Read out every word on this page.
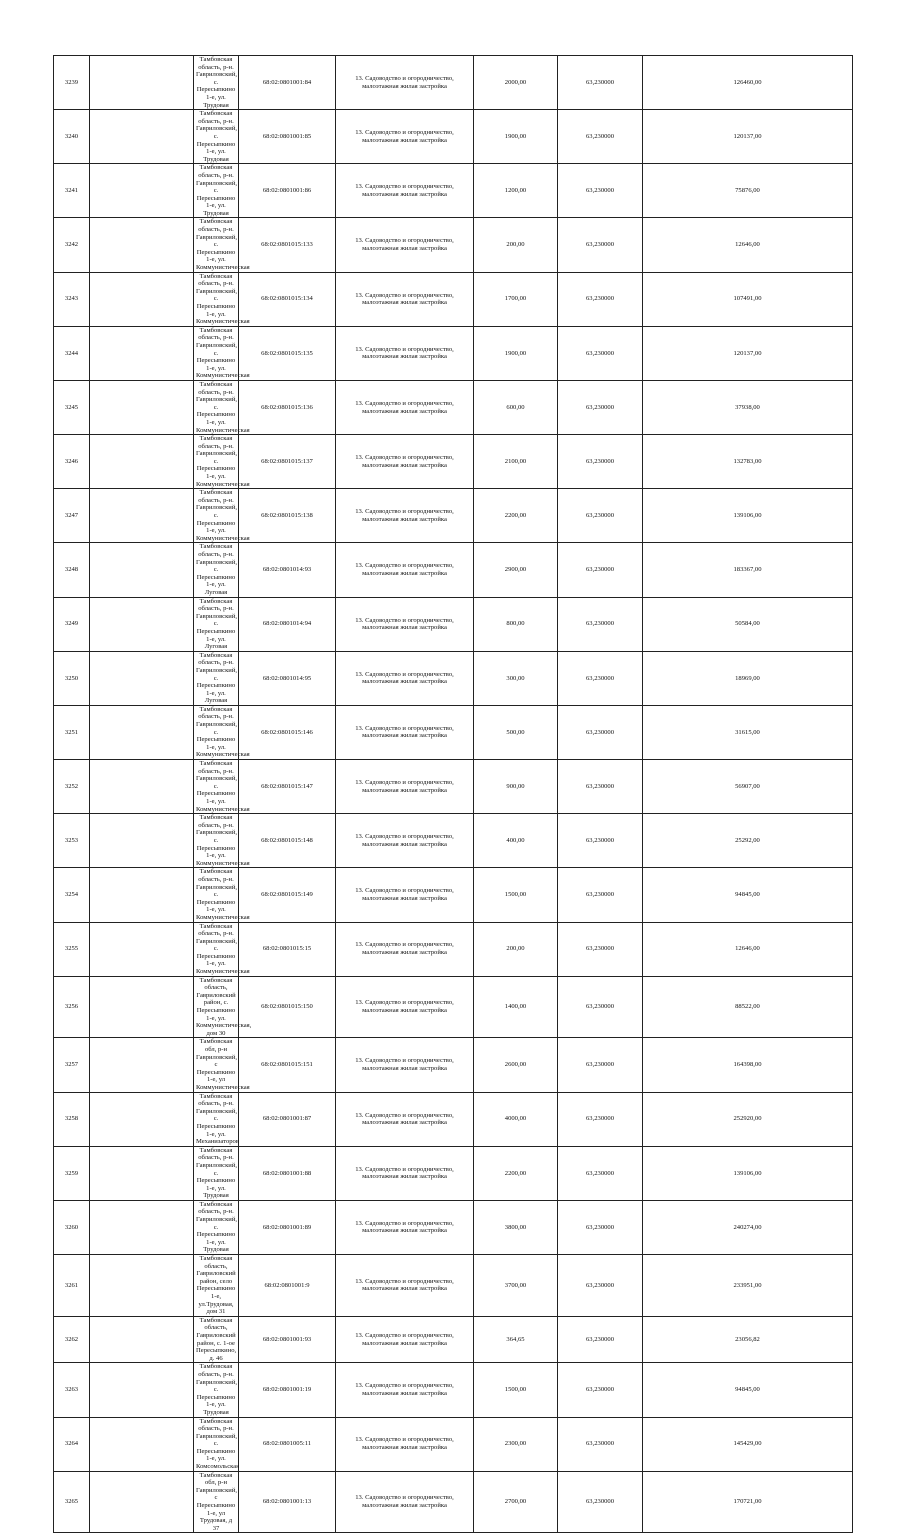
3239		Тамбовская область, р-н. Гавриловский, с. Пересыпкино 1-е, ул. Трудовая	68:02:0801001:84	13. Садоводство и огородничество, малоэтажная жилая застройка	2000,00	63,230000	126460,00
3240		Тамбовская область, р-н. Гавриловский, с. Пересыпкино 1-е, ул. Трудовая	68:02:0801001:85	13. Садоводство и огородничество, малоэтажная жилая застройка	1900,00	63,230000	120137,00
3241		Тамбовская область, р-н. Гавриловский, с. Пересыпкино 1-е, ул. Трудовая	68:02:0801001:86	13. Садоводство и огородничество, малоэтажная жилая застройка	1200,00	63,230000	75876,00
3242		Тамбовская область, р-н. Гавриловский, с. Пересыпкино 1-е, ул. Коммунистическая	68:02:0801015:133	13. Садоводство и огородничество, малоэтажная жилая застройка	200,00	63,230000	12646,00
3243		Тамбовская область, р-н. Гавриловский, с. Пересыпкино 1-е, ул. Коммунистическая	68:02:0801015:134	13. Садоводство и огородничество, малоэтажная жилая застройка	1700,00	63,230000	107491,00
3244		Тамбовская область, р-н. Гавриловский, с. Пересыпкино 1-е, ул. Коммунистическая	68:02:0801015:135	13. Садоводство и огородничество, малоэтажная жилая застройка	1900,00	63,230000	120137,00
3245		Тамбовская область, р-н. Гавриловский, с. Пересыпкино 1-е, ул. Коммунистическая	68:02:0801015:136	13. Садоводство и огородничество, малоэтажная жилая застройка	600,00	63,230000	37938,00
3246		Тамбовская область, р-н. Гавриловский, с. Пересыпкино 1-е, ул. Коммунистическая	68:02:0801015:137	13. Садоводство и огородничество, малоэтажная жилая застройка	2100,00	63,230000	132783,00
3247		Тамбовская область, р-н. Гавриловский, с. Пересыпкино 1-е, ул. Коммунистическая	68:02:0801015:138	13. Садоводство и огородничество, малоэтажная жилая застройка	2200,00	63,230000	139106,00
3248		Тамбовская область, р-н. Гавриловский, с. Пересыпкино 1-е, ул. Луговая	68:02:0801014:93	13. Садоводство и огородничество, малоэтажная жилая застройка	2900,00	63,230000	183367,00
3249		Тамбовская область, р-н. Гавриловский, с. Пересыпкино 1-е, ул. Луговая	68:02:0801014:94	13. Садоводство и огородничество, малоэтажная жилая застройка	800,00	63,230000	50584,00
3250		Тамбовская область, р-н. Гавриловский, с. Пересыпкино 1-е, ул. Луговая	68:02:0801014:95	13. Садоводство и огородничество, малоэтажная жилая застройка	300,00	63,230000	18969,00
3251		Тамбовская область, р-н. Гавриловский, с. Пересыпкино 1-е, ул. Коммунистическая	68:02:0801015:146	13. Садоводство и огородничество, малоэтажная жилая застройка	500,00	63,230000	31615,00
3252		Тамбовская область, р-н. Гавриловский, с. Пересыпкино 1-е, ул. Коммунистическая	68:02:0801015:147	13. Садоводство и огородничество, малоэтажная жилая застройка	900,00	63,230000	56907,00
3253		Тамбовская область, р-н. Гавриловский, с. Пересыпкино 1-е, ул. Коммунистическая	68:02:0801015:148	13. Садоводство и огородничество, малоэтажная жилая застройка	400,00	63,230000	25292,00
3254		Тамбовская область, р-н. Гавриловский, с. Пересыпкино 1-е, ул. Коммунистическая	68:02:0801015:149	13. Садоводство и огородничество, малоэтажная жилая застройка	1500,00	63,230000	94845,00
3255		Тамбовская область, р-н. Гавриловский, с. Пересыпкино 1-е, ул. Коммунистическая	68:02:0801015:15	13. Садоводство и огородничество, малоэтажная жилая застройка	200,00	63,230000	12646,00
3256		Тамбовская область, Гавриловский район, с. Пересыпкино 1-е, ул. Коммунистическая, дом 30	68:02:0801015:150	13. Садоводство и огородничество, малоэтажная жилая застройка	1400,00	63,230000	88522,00
3257		Тамбовская обл, р-н Гавриловский, с Пересыпкино 1-е, ул Коммунистическая	68:02:0801015:151	13. Садоводство и огородничество, малоэтажная жилая застройка	2600,00	63,230000	164398,00
3258		Тамбовская область, р-н. Гавриловский, с. Пересыпкино 1-е, ул. Механизаторов	68:02:0801001:87	13. Садоводство и огородничество, малоэтажная жилая застройка	4000,00	63,230000	252920,00
3259		Тамбовская область, р-н. Гавриловский, с. Пересыпкино 1-е, ул. Трудовая	68:02:0801001:88	13. Садоводство и огородничество, малоэтажная жилая застройка	2200,00	63,230000	139106,00
3260		Тамбовская область, р-н. Гавриловский, с. Пересыпкино 1-е, ул. Трудовая	68:02:0801001:89	13. Садоводство и огородничество, малоэтажная жилая застройка	3800,00	63,230000	240274,00
3261		Тамбовская область, Гавриловский район, село Пересыпкино 1-е, ул.Трудовая, дом 31	68:02:0801001:9	13. Садоводство и огородничество, малоэтажная жилая застройка	3700,00	63,230000	233951,00
3262		Тамбовская область, Гавриловский район, с. 1-ое Пересыпкино, д. 46	68:02:0801001:93	13. Садоводство и огородничество, малоэтажная жилая застройка	364,65	63,230000	23056,82
3263		Тамбовская область, р-н. Гавриловский, с. Пересыпкино 1-е, ул. Трудовая	68:02:0801001:19	13. Садоводство и огородничество, малоэтажная жилая застройка	1500,00	63,230000	94845,00
3264		Тамбовская область, р-н. Гавриловский, с. Пересыпкино 1-е, ул. Комсомольская	68:02:0801005:11	13. Садоводство и огородничество, малоэтажная жилая застройка	2300,00	63,230000	145429,00
3265		Тамбовская обл, р-н Гавриловский, с Пересыпкино 1-е, ул Трудовая, д 37	68:02:0801001:13	13. Садоводство и огородничество, малоэтажная жилая застройка	2700,00	63,230000	170721,00
